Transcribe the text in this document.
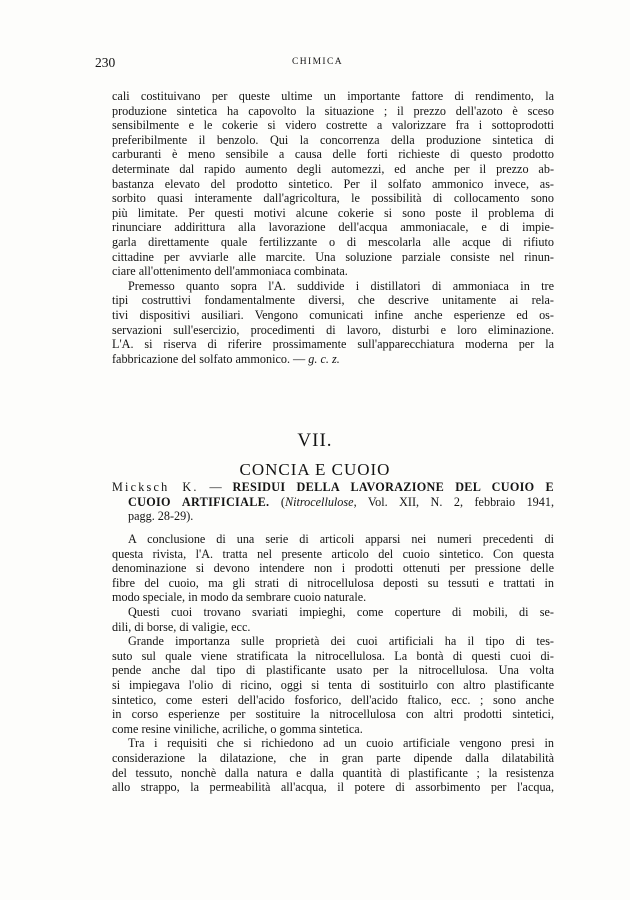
230	CHIMICA
cali costituivano per queste ultime un importante fattore di rendimento, la
produzione sintetica ha capovolto la situazione ; il prezzo dell'azoto è sceso
sensibilmente e le cokerie si videro costrette a valorizzare fra i sottoprodotti
preferibilmente il benzolo. Qui la concorrenza della produzione sintetica di
carburanti è meno sensibile a causa delle forti richieste di questo prodotto
determinate dal rapido aumento degli automezzi, ed anche per il prezzo ab-
bastanza elevato del prodotto sintetico. Per il solfato ammonico invece, as-
sorbito quasi interamente dall'agricoltura, le possibilità di collocamento sono
più limitate. Per questi motivi alcune cokerie si sono poste il problema di
rinunciare addirittura alla lavorazione dell'acqua ammoniacale, e di impie-
garla direttamente quale fertilizzante o di mescolarla alle acque di rifiuto
cittadine per avviarle alle marcite. Una soluzione parziale consiste nel rinun-
ciare all'ottenimento dell'ammoniaca combinata.
Premesso quanto sopra l'A. suddivide i distillatori di ammoniaca in tre
tipi costruttivi fondamentalmente diversi, che descrive unitamente ai rela-
tivi dispositivi ausiliari. Vengono comunicati infine anche esperienze ed os-
servazioni sull'esercizio, procedimenti di lavoro, disturbi e loro eliminazione.
L'A. si riserva di riferire prossimamente sull'apparecchiatura moderna per la
fabbricazione del solfato ammonico. — g. c. z.
VII.
CONCIA E CUOIO
Micksch K. — RESIDUI DELLA LAVORAZIONE DEL CUOIO E
CUOIO ARTIFICIALE. (Nitrocellulose, Vol. XII, N. 2, febbraio 1941,
pagg. 28-29).
A conclusione di una serie di articoli apparsi nei numeri precedenti di
questa rivista, l'A. tratta nel presente articolo del cuoio sintetico. Con questa
denominazione si devono intendere non i prodotti ottenuti per pressione delle
fibre del cuoio, ma gli strati di nitrocellulosa deposti su tessuti e trattati in
modo speciale, in modo da sembrare cuoio naturale.
Questi cuoi trovano svariati impieghi, come coperture di mobili, di se-
dili, di borse, di valigie, ecc.
Grande importanza sulle proprietà dei cuoi artificiali ha il tipo di tes-
suto sul quale viene stratificata la nitrocellulosa. La bontà di questi cuoi di-
pende anche dal tipo di plastificante usato per la nitrocellulosa. Una volta
si impiegava l'olio di ricino, oggi si tenta di sostituirlo con altro plastificante
sintetico, come esteri dell'acido fosforico, dell'acido ftalico, ecc. ; sono anche
in corso esperienze per sostituire la nitrocellulosa con altri prodotti sintetici,
come resine viniliche, acriliche, o gomma sintetica.
Tra i requisiti che si richiedono ad un cuoio artificiale vengono presi in
considerazione la dilatazione, che in gran parte dipende dalla dilatabilità
del tessuto, nonchè dalla natura e dalla quantità di plastificante ; la resistenza
allo strappo, la permeabilità all'acqua, il potere di assorbimento per l'acqua,
